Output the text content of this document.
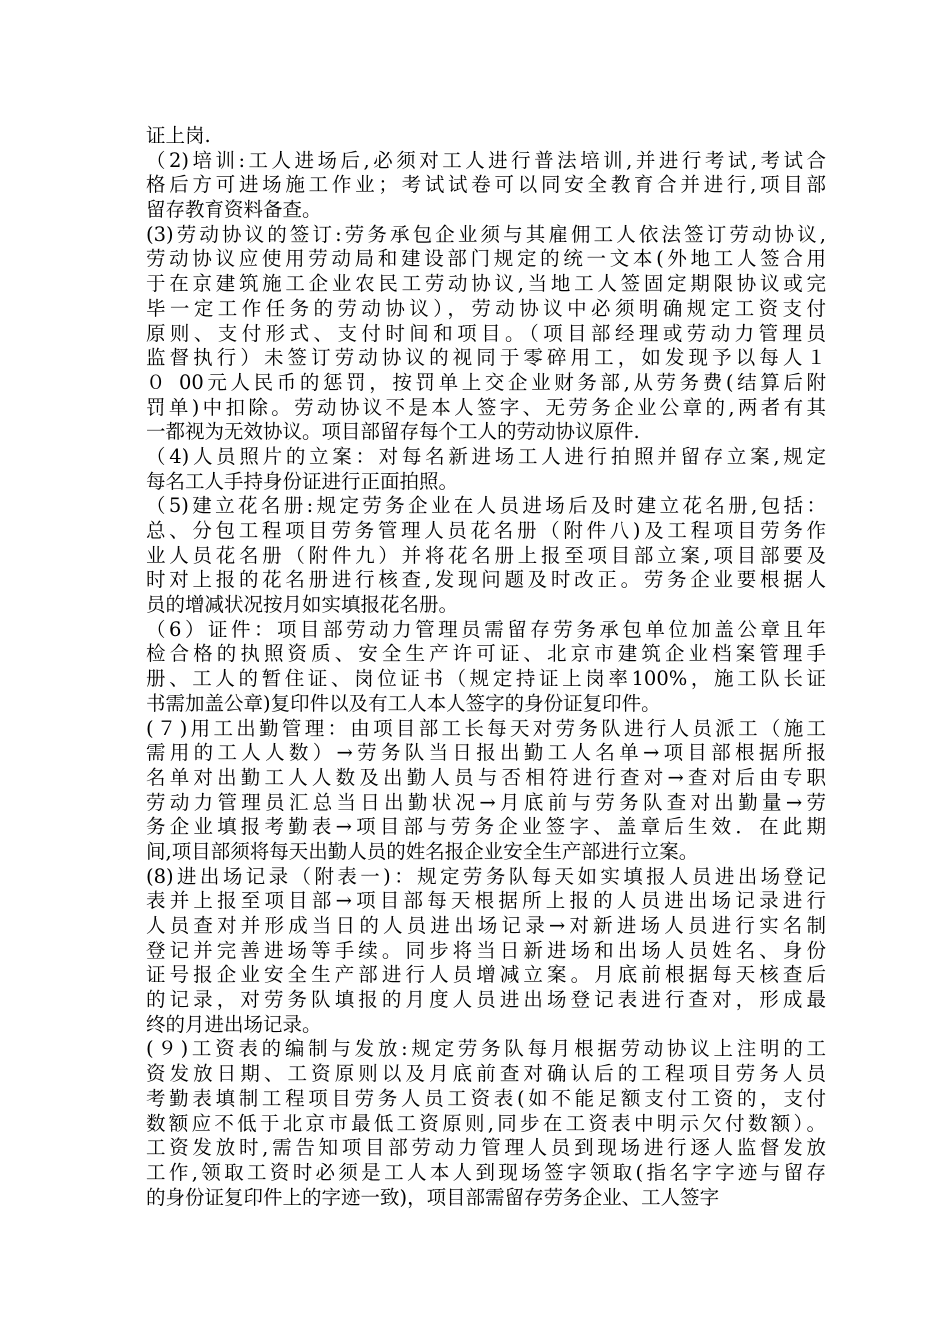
证上岗.
（2)培训:工人进场后,必须对工人进行普法培训,并进行考试,考试合
格后方可进场施工作业；考试试卷可以同安全教育合并进行,项目部
留存教育资料备查。
(3)劳动协议的签订:劳务承包企业须与其雇佣工人依法签订劳动协议,
劳动协议应使用劳动局和建设部门规定的统一文本(外地工人签合用
于在京建筑施工企业农民工劳动协议,当地工人签固定期限协议或完
毕一定工作任务的劳动协议），劳动协议中必须明确规定工资支付
原则、支付形式、支付时间和项目。（项目部经理或劳动力管理员
监督执行）未签订劳动协议的视同于零碎用工，如发现予以每人１
０ 00元人民币的惩罚，按罚单上交企业财务部,从劳务费(结算后附
罚单)中扣除。劳动协议不是本人签字、无劳务企业公章的,两者有其
一都视为无效协议。项目部留存每个工人的劳动协议原件.
（4)人员照片的立案：对每名新进场工人进行拍照并留存立案,规定
每名工人手持身份证进行正面拍照。
（5)建立花名册:规定劳务企业在人员进场后及时建立花名册,包括：
总、分包工程项目劳务管理人员花名册（附件八)及工程项目劳务作
业人员花名册（附件九）并将花名册上报至项目部立案,项目部要及
时对上报的花名册进行核查,发现问题及时改正。劳务企业要根据人
员的增减状况按月如实填报花名册。
（6）证件：项目部劳动力管理员需留存劳务承包单位加盖公章且年
检合格的执照资质、安全生产许可证、北京市建筑企业档案管理手
册、工人的暂住证、岗位证书（规定持证上岗率100%，施工队长证
书需加盖公章)复印件以及有工人本人签字的身份证复印件。
(７)用工出勤管理：由项目部工长每天对劳务队进行人员派工（施工
需用的工人人数）→劳务队当日报出勤工人名单→项目部根据所报
名单对出勤工人人数及出勤人员与否相符进行查对→查对后由专职
劳动力管理员汇总当日出勤状况→月底前与劳务队查对出勤量→劳
务企业填报考勤表→项目部与劳务企业签字、盖章后生效．在此期
间,项目部须将每天出勤人员的姓名报企业安全生产部进行立案。
(8)进出场记录（附表一)：规定劳务队每天如实填报人员进出场登记
表并上报至项目部→项目部每天根据所上报的人员进出场记录进行
人员查对并形成当日的人员进出场记录→对新进场人员进行实名制
登记并完善进场等手续。同步将当日新进场和出场人员姓名、身份
证号报企业安全生产部进行人员增减立案。月底前根据每天核查后
的记录，对劳务队填报的月度人员进出场登记表进行查对，形成最
终的月进出场记录。
(９)工资表的编制与发放:规定劳务队每月根据劳动协议上注明的工
资发放日期、工资原则以及月底前查对确认后的工程项目劳务人员
考勤表填制工程项目劳务人员工资表(如不能足额支付工资的，支付
数额应不低于北京市最低工资原则,同步在工资表中明示欠付数额）。
工资发放时,需告知项目部劳动力管理人员到现场进行逐人监督发放
工作,领取工资时必须是工人本人到现场签字领取(指名字字迹与留存
的身份证复印件上的字迹一致)，项目部需留存劳务企业、工人签字
